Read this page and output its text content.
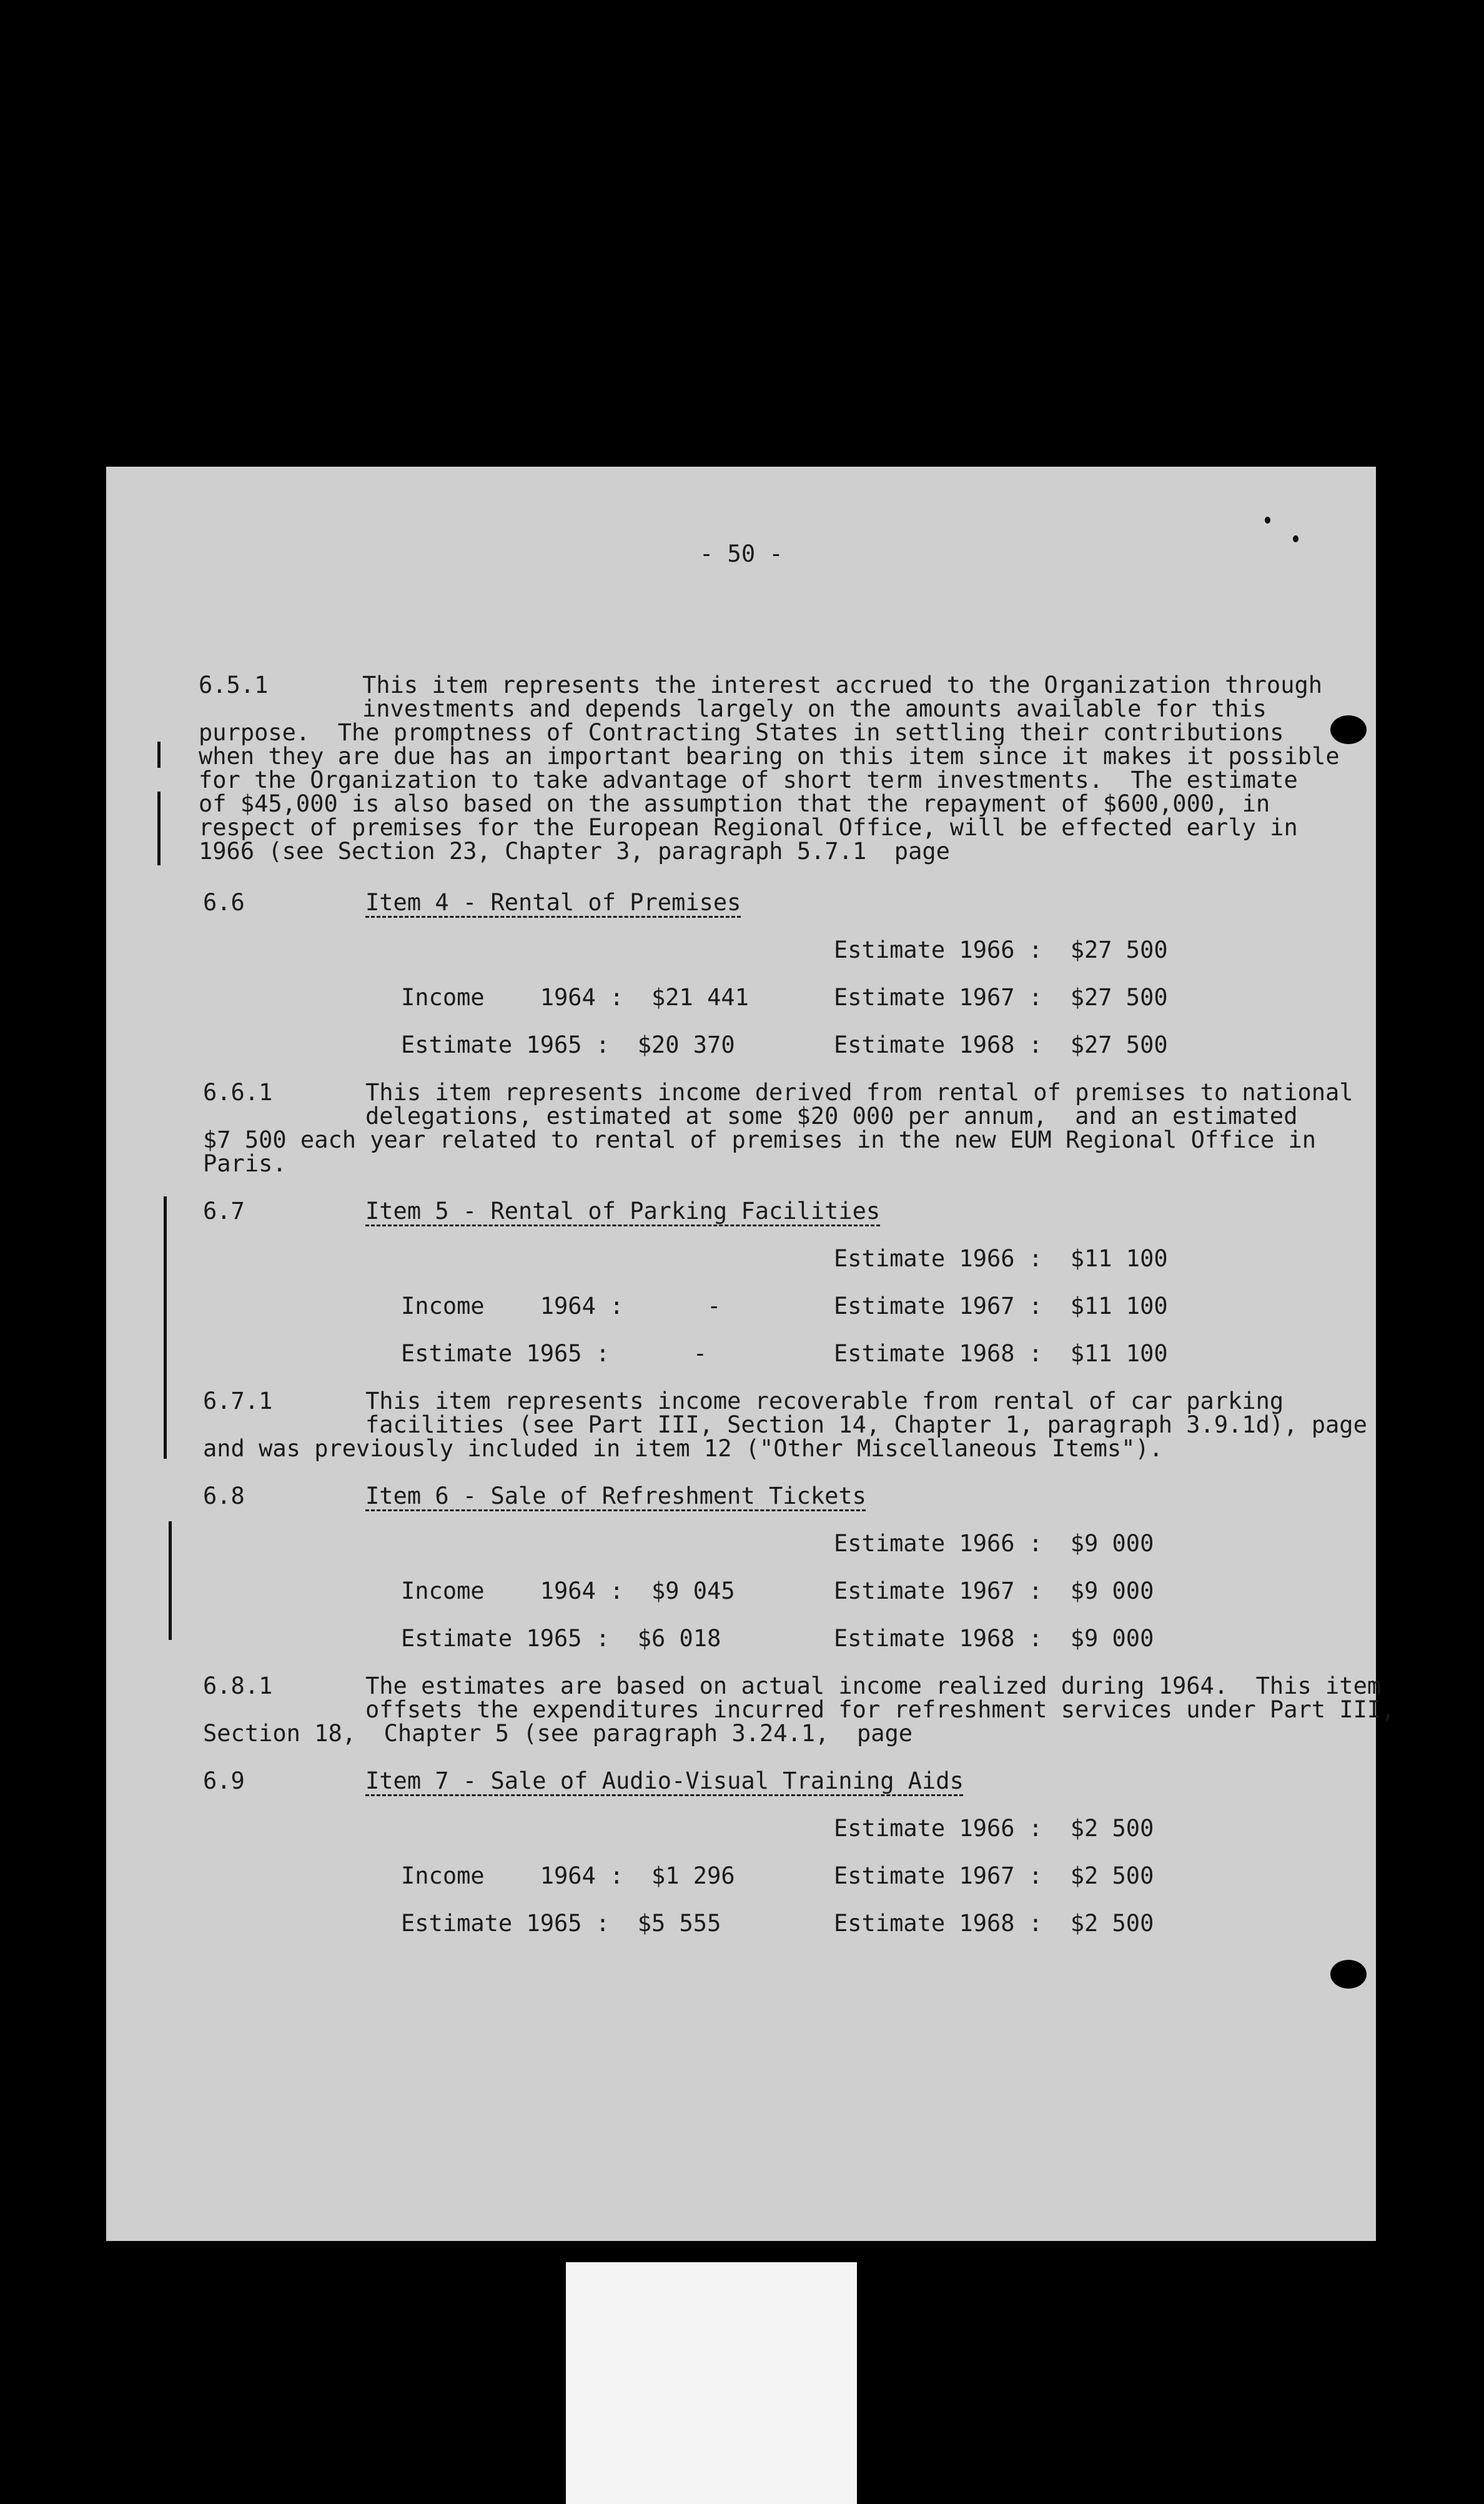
- 50 -
6.5.1	This item represents the interest accrued to the Organization through
investments and depends largely on the amounts available for this
purpose.  The promptness of Contracting States in settling their contributions
when they are due has an important bearing on this item since it makes it possible
for the Organization to take advantage of short term investments.  The estimate
of $45,000 is also based on the assumption that the repayment of $600,000, in
respect of premises for the European Regional Office, will be effected early in
1966 (see Section 23, Chapter 3, paragraph 5.7.1  page
6.6	Item 4 - Rental of Premises
Estimate 1966 :  $27 500
Income    1964 :  $21 441	Estimate 1967 :  $27 500
Estimate 1965 :  $20 370	Estimate 1968 :  $27 500
6.6.1	This item represents income derived from rental of premises to national
delegations, estimated at some $20 000 per annum,  and an estimated
$7 500 each year related to rental of premises in the new EUM Regional Office in
Paris.
6.7	Item 5 - Rental of Parking Facilities
Estimate 1966 :  $11 100
Income    1964 :      -	Estimate 1967 :  $11 100
Estimate 1965 :      -	Estimate 1968 :  $11 100
6.7.1	This item represents income recoverable from rental of car parking
facilities (see Part III, Section 14, Chapter 1, paragraph 3.9.1d), page
and was previously included in item 12 ("Other Miscellaneous Items").
6.8	Item 6 - Sale of Refreshment Tickets
Estimate 1966 :  $9 000
Income    1964 :  $9 045	Estimate 1967 :  $9 000
Estimate 1965 :  $6 018	Estimate 1968 :  $9 000
6.8.1	The estimates are based on actual income realized during 1964.  This item
offsets the expenditures incurred for refreshment services under Part III,
Section 18,  Chapter 5 (see paragraph 3.24.1,  page
6.9	Item 7 - Sale of Audio-Visual Training Aids
Estimate 1966 :  $2 500
Income    1964 :  $1 296	Estimate 1967 :  $2 500
Estimate 1965 :  $5 555	Estimate 1968 :  $2 500
